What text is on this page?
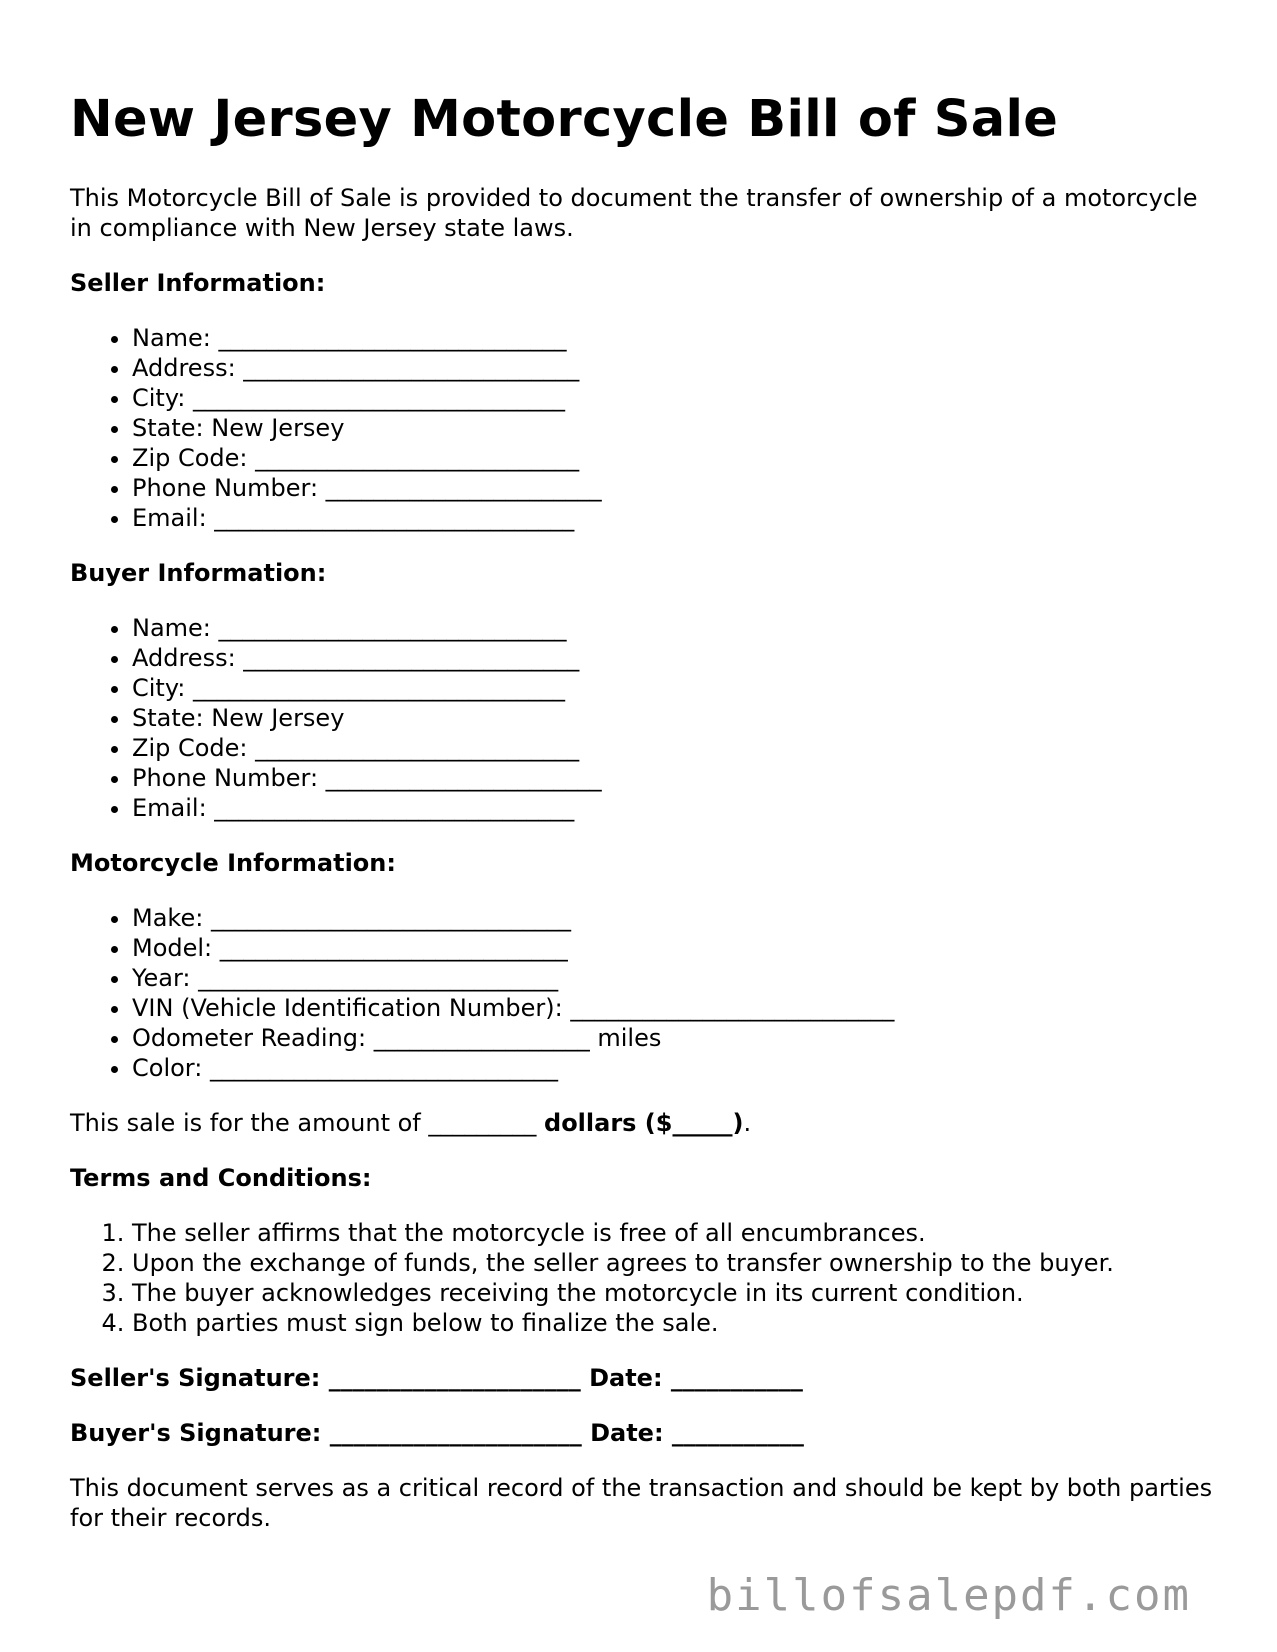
New Jersey Motorcycle Bill of Sale

This Motorcycle Bill of Sale is provided to document the transfer of ownership of a motorcycle in compliance with New Jersey state laws.

Seller Information:

• Name: _____________________________
• Address: ____________________________
• City: _______________________________
• State: New Jersey
• Zip Code: ___________________________
• Phone Number: _______________________
• Email: ______________________________

Buyer Information:

• Name: _____________________________
• Address: ____________________________
• City: _______________________________
• State: New Jersey
• Zip Code: ___________________________
• Phone Number: _______________________
• Email: ______________________________

Motorcycle Information:

• Make: ______________________________
• Model: _____________________________
• Year: ______________________________
• VIN (Vehicle Identification Number): ___________________________
• Odometer Reading: __________________ miles
• Color: _____________________________

This sale is for the amount of _________ dollars ($_____).

Terms and Conditions:

1. The seller affirms that the motorcycle is free of all encumbrances.
2. Upon the exchange of funds, the seller agrees to transfer ownership to the buyer.
3. The buyer acknowledges receiving the motorcycle in its current condition.
4. Both parties must sign below to finalize the sale.

Seller's Signature: _____________________ Date: ___________

Buyer's Signature: _____________________ Date: ___________

This document serves as a critical record of the transaction and should be kept by both parties for their records.

billofsalepdf.com
